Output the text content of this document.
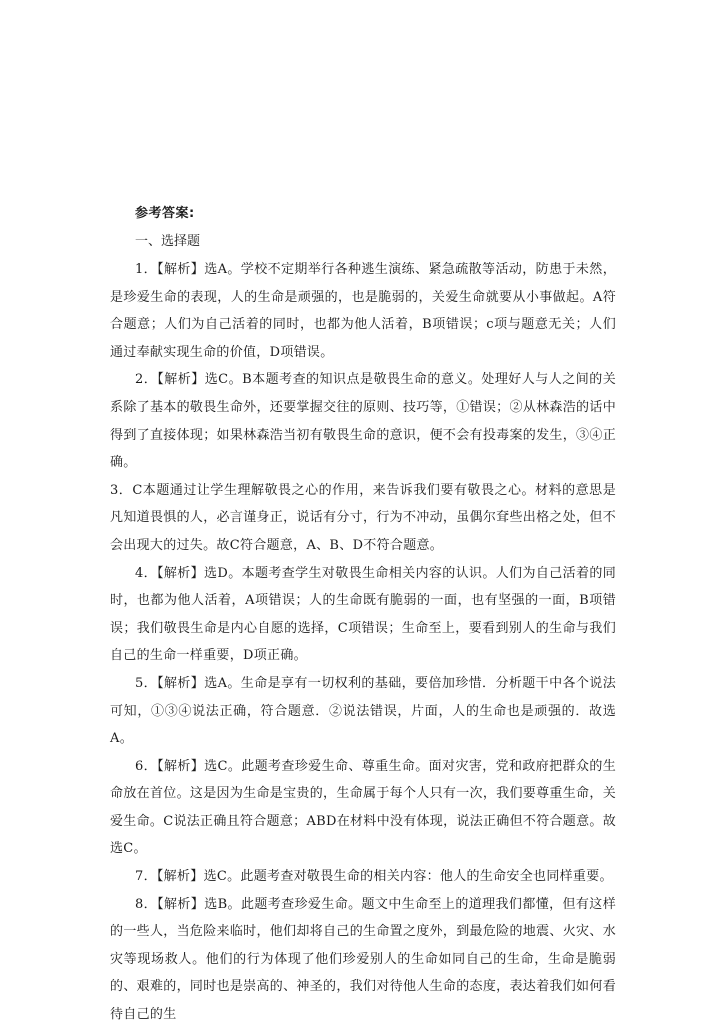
参考答案:
一、选择题

1．【解析】选A。学校不定期举行各种逃生演练、紧急疏散等活动，防患于未然，是珍爱生命的表现，人的生命是顽强的，也是脆弱的，关爱生命就要从小事做起。A符合题意；人们为自己活着的同时，也都为他人活着，B项错误；c项与题意无关；人们通过奉献实现生命的价值，D项错误。

2．【解析】选C。B本题考查的知识点是敬畏生命的意义。处理好人与人之间的关系除了基本的敬畏生命外，还要掌握交往的原则、技巧等，①错误；②从林森浩的话中得到了直接体现；如果林森浩当初有敬畏生命的意识，便不会有投毒案的发生，③④正确。

3．C本题通过让学生理解敬畏之心的作用，来告诉我们要有敬畏之心。材料的意思是凡知道畏惧的人，必言谨身正，说话有分寸，行为不冲动，虽偶尔耷些出格之处，但不会出现大的过失。故C符合题意，A、B、D不符合题意。

4．【解析】选D。本题考查学生对敬畏生命相关内容的认识。人们为自己活着的同时，也都为他人活着，A项错误；人的生命既有脆弱的一面，也有坚强的一面，B项错误；我们敬畏生命是内心自愿的选择，C项错误；生命至上，要看到别人的生命与我们自己的生命一样重要，D项正确。

5．【解析】选A。生命是享有一切权利的基础，要倍加珍惜．分析题干中各个说法可知，①③④说法正确，符合题意．②说法错误，片面，人的生命也是顽强的．故选A。

6．【解析】选C。此题考查珍爱生命、尊重生命。面对灾害，党和政府把群众的生命放在首位。这是因为生命是宝贵的，生命属于每个人只有一次，我们要尊重生命，关爱生命。C说法正确且符合题意；ABD在材料中没有体现，说法正确但不符合题意。故选C。

7．【解析】选C。此题考查对敬畏生命的相关内容：他人的生命安全也同样重要。

8．【解析】选B。此题考查珍爱生命。题文中生命至上的道理我们都懂，但有这样的一些人，当危险来临时，他们却将自己的生命置之度外，到最危险的地震、火灾、水灾等现场救人。他们的行为体现了他们珍爱别人的生命如同自己的生命，生命是脆弱的、艰难的，同时也是崇高的、神圣的，我们对待他人生命的态度，表达着我们如何看待自己的生
